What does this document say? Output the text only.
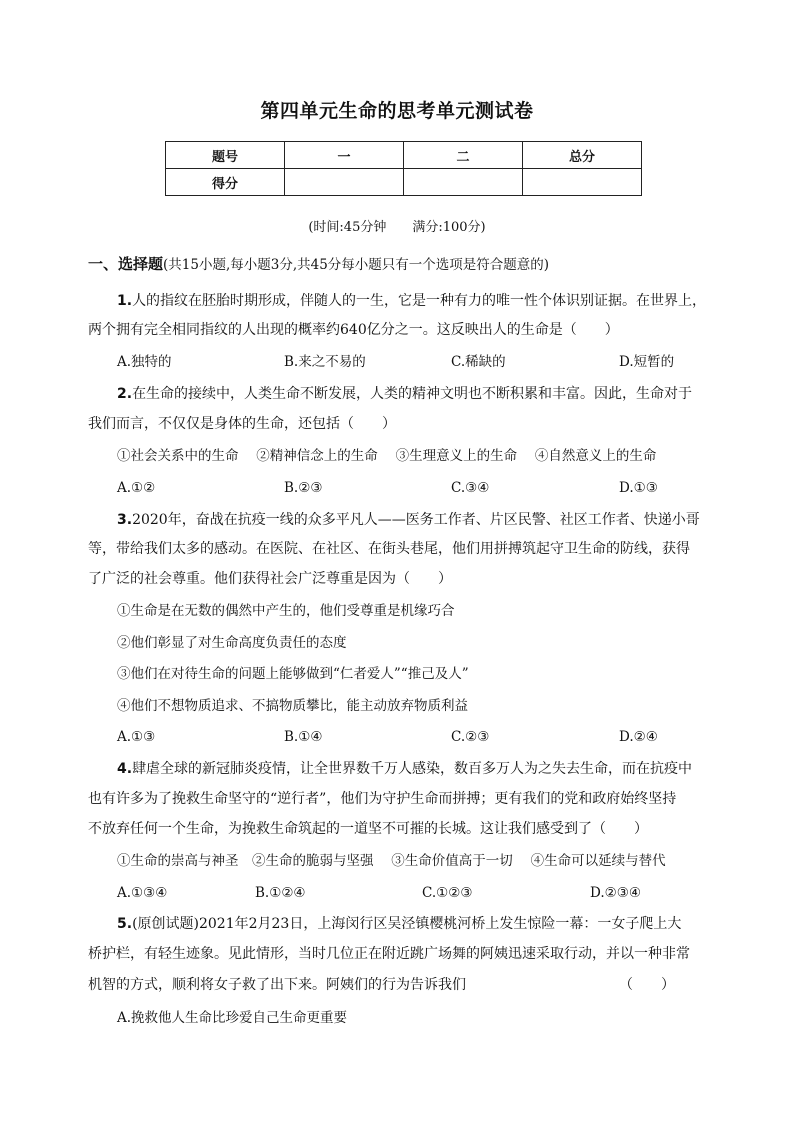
第四单元生命的思考单元测试卷
题号	一	二	总分
得分			
(时间:45分钟　　满分:100分)
一、选择题(共15小题,每小题3分,共45分每小题只有一个选项是符合题意的)
1.人的指纹在胚胎时期形成，伴随人的一生，它是一种有力的唯一性个体识别证据。在世界上，
两个拥有完全相同指纹的人出现的概率约640亿分之一。这反映出人的生命是（　　）
A.独特的	B.来之不易的	C.稀缺的	D.短暂的
2.在生命的接续中，人类生命不断发展，人类的精神文明也不断积累和丰富。因此，生命对于
我们而言，不仅仅是身体的生命，还包括（　　）
①社会关系中的生命　 ②精神信念上的生命　 ③生理意义上的生命　 ④自然意义上的生命
A.①②	B.②③	C.③④	D.①③
3.2020年，奋战在抗疫一线的众多平凡人——医务工作者、片区民警、社区工作者、快递小哥
等，带给我们太多的感动。在医院、在社区、在街头巷尾，他们用拼搏筑起守卫生命的防线，获得
了广泛的社会尊重。他们获得社会广泛尊重是因为（　　）
①生命是在无数的偶然中产生的，他们受尊重是机缘巧合
②他们彰显了对生命高度负责任的态度
③他们在对待生命的问题上能够做到“仁者爱人”“推己及人”
④他们不想物质追求、不搞物质攀比，能主动放弃物质利益
A.①③	B.①④	C.②③	D.②④
4.肆虐全球的新冠肺炎疫情，让全世界数千万人感染，数百多万人为之失去生命，而在抗疫中
也有许多为了挽救生命坚守的“逆行者”，他们为守护生命而拼搏；更有我们的党和政府始终坚持
不放弃任何一个生命，为挽救生命筑起的一道坚不可摧的长城。这让我们感受到了（　　）
①生命的崇高与神圣　②生命的脆弱与坚强　 ③生命价值高于一切　 ④生命可以延续与替代
A.①③④	B.①②④	C.①②③	D.②③④
5.(原创试题)2021年2月23日，上海闵行区吴泾镇樱桃河桥上发生惊险一幕：一女子爬上大
桥护栏，有轻生迹象。见此情形，当时几位正在附近跳广场舞的阿姨迅速采取行动，并以一种非常
机智的方式，顺利将女子救了出下来。阿姨们的行为告诉我们	（　　）
A.挽救他人生命比珍爱自己生命更重要
